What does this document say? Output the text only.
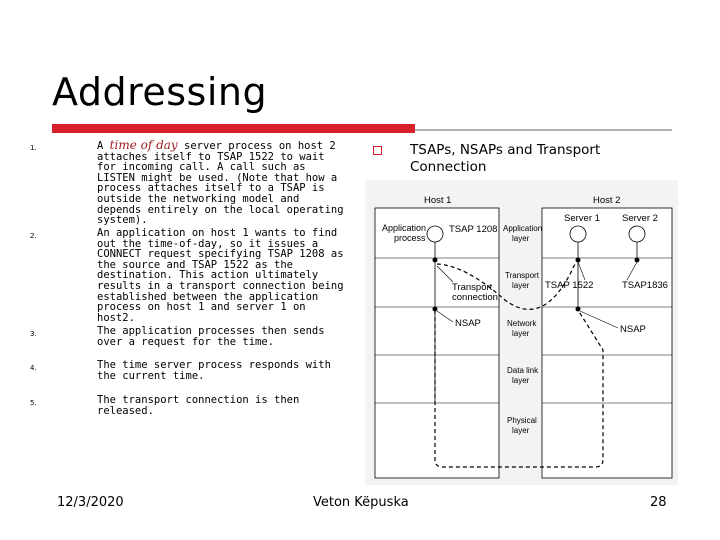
Addressing
1.	A time of day server process on host 2 attaches itself to TSAP 1522 to wait for incoming call. A call such as LISTEN might be used. (Note that how a process attaches itself to a TSAP is outside the networking model and depends entirely on the local operating system).
2.	An application on host 1 wants to find out the time-of-day, so it issues a CONNECT request specifying TSAP 1208 as the source and TSAP 1522 as the destination. This action ultimately results in a transport connection being established between the application process on host 1 and server 1 on host2.
3.	The application processes then sends over a request for the time.
4.	The time server process responds with the current time.
5.	The transport connection is then released.
TSAPs, NSAPs and Transport Connection
Host 1	Host 2
Server 1 Server 2
Application
process
TSAP 1208
TSAP 1522	TSAP1836
Transport
connection
NSAP
NSAP
Application
layer
Transport
layer
Network
layer
Data link
layer
Physical
layer
12/3/2020	Veton Këpuska	28
